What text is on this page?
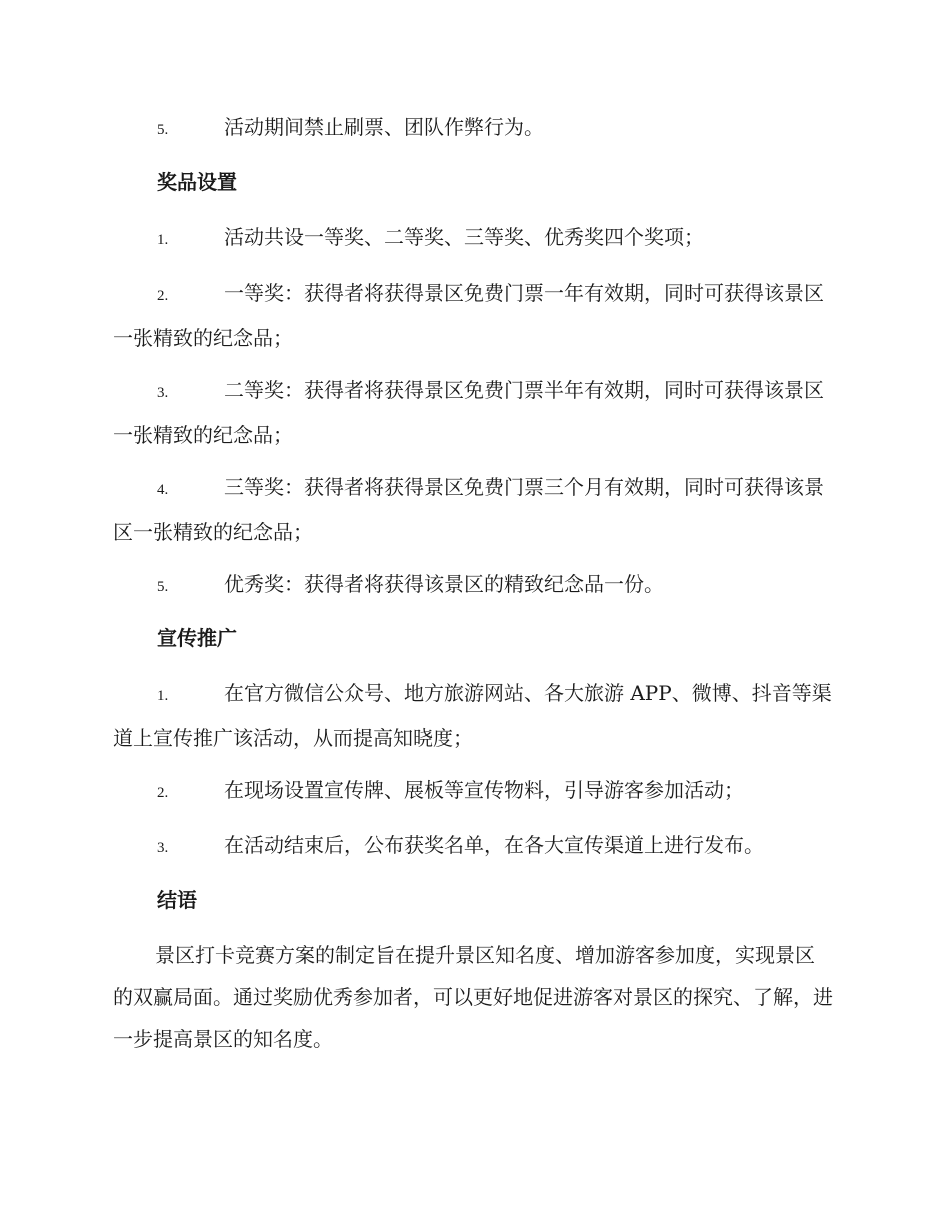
5.	活动期间禁止刷票、团队作弊行为。
奖品设置
1.	活动共设一等奖、二等奖、三等奖、优秀奖四个奖项；
2.	一等奖：获得者将获得景区免费门票一年有效期，同时可获得该景区一张精致的纪念品；
3.	二等奖：获得者将获得景区免费门票半年有效期，同时可获得该景区一张精致的纪念品；
4.	三等奖：获得者将获得景区免费门票三个月有效期，同时可获得该景区一张精致的纪念品；
5.	优秀奖：获得者将获得该景区的精致纪念品一份。
宣传推广
1.	在官方微信公众号、地方旅游网站、各大旅游 APP、微博、抖音等渠道上宣传推广该活动，从而提高知晓度；
2.	在现场设置宣传牌、展板等宣传物料，引导游客参加活动；
3.	在活动结束后，公布获奖名单，在各大宣传渠道上进行发布。
结语
景区打卡竞赛方案的制定旨在提升景区知名度、增加游客参加度，实现景区的双赢局面。通过奖励优秀参加者，可以更好地促进游客对景区的探究、了解，进一步提高景区的知名度。
